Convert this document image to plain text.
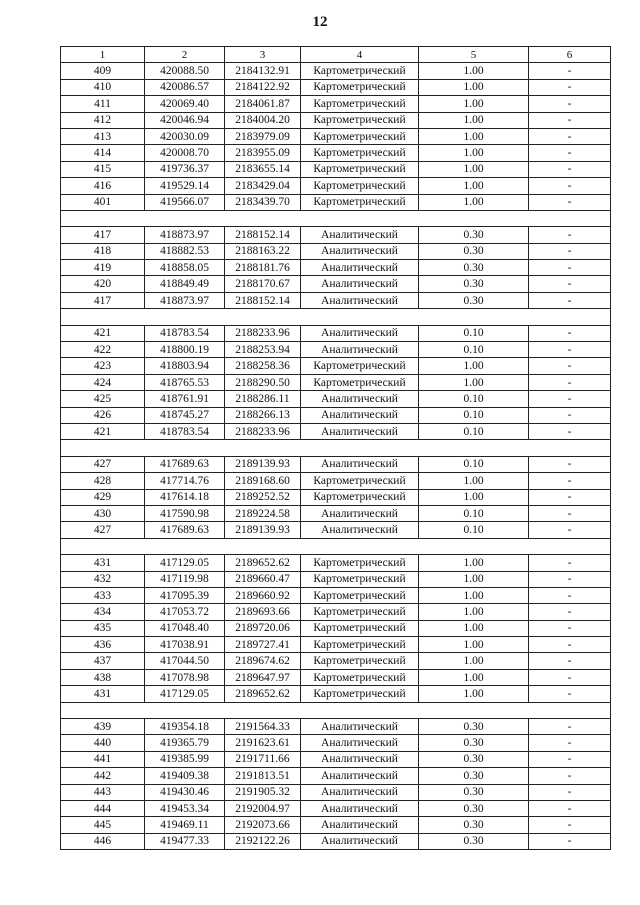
12
1	2	3	4	5	6
409	420088.50	2184132.91	Картометрический	1.00	-
410	420086.57	2184122.92	Картометрический	1.00	-
411	420069.40	2184061.87	Картометрический	1.00	-
412	420046.94	2184004.20	Картометрический	1.00	-
413	420030.09	2183979.09	Картометрический	1.00	-
414	420008.70	2183955.09	Картометрический	1.00	-
415	419736.37	2183655.14	Картометрический	1.00	-
416	419529.14	2183429.04	Картометрический	1.00	-
401	419566.07	2183439.70	Картометрический	1.00	-

417	418873.97	2188152.14	Аналитический	0.30	-
418	418882.53	2188163.22	Аналитический	0.30	-
419	418858.05	2188181.76	Аналитический	0.30	-
420	418849.49	2188170.67	Аналитический	0.30	-
417	418873.97	2188152.14	Аналитический	0.30	-

421	418783.54	2188233.96	Аналитический	0.10	-
422	418800.19	2188253.94	Аналитический	0.10	-
423	418803.94	2188258.36	Картометрический	1.00	-
424	418765.53	2188290.50	Картометрический	1.00	-
425	418761.91	2188286.11	Аналитический	0.10	-
426	418745.27	2188266.13	Аналитический	0.10	-
421	418783.54	2188233.96	Аналитический	0.10	-

427	417689.63	2189139.93	Аналитический	0.10	-
428	417714.76	2189168.60	Картометрический	1.00	-
429	417614.18	2189252.52	Картометрический	1.00	-
430	417590.98	2189224.58	Аналитический	0.10	-
427	417689.63	2189139.93	Аналитический	0.10	-

431	417129.05	2189652.62	Картометрический	1.00	-
432	417119.98	2189660.47	Картометрический	1.00	-
433	417095.39	2189660.92	Картометрический	1.00	-
434	417053.72	2189693.66	Картометрический	1.00	-
435	417048.40	2189720.06	Картометрический	1.00	-
436	417038.91	2189727.41	Картометрический	1.00	-
437	417044.50	2189674.62	Картометрический	1.00	-
438	417078.98	2189647.97	Картометрический	1.00	-
431	417129.05	2189652.62	Картометрический	1.00	-

439	419354.18	2191564.33	Аналитический	0.30	-
440	419365.79	2191623.61	Аналитический	0.30	-
441	419385.99	2191711.66	Аналитический	0.30	-
442	419409.38	2191813.51	Аналитический	0.30	-
443	419430.46	2191905.32	Аналитический	0.30	-
444	419453.34	2192004.97	Аналитический	0.30	-
445	419469.11	2192073.66	Аналитический	0.30	-
446	419477.33	2192122.26	Аналитический	0.30	-
